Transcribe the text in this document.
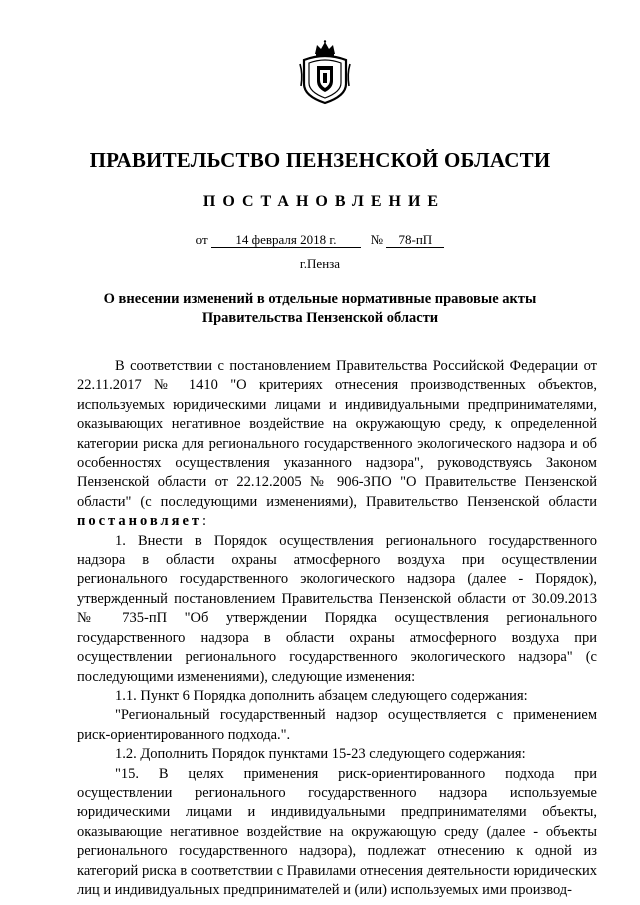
ПРАВИТЕЛЬСТВО ПЕНЗЕНСКОЙ ОБЛАСТИ
ПОСТАНОВЛЕНИЕ
от 14 февраля 2018 г.	№ 78-пП
г.Пенза
О внесении изменений в отдельные нормативные правовые акты
Правительства Пензенской области

В соответствии с постановлением Правительства Российской Федерации от 22.11.2017 № 1410 "О критериях отнесения производственных объектов, используемых юридическими лицами и индивидуальными предпринимателями, оказывающих негативное воздействие на окружающую среду, к определенной категории риска для регионального государственного экологического надзора и об особенностях осуществления указанного надзора", руководствуясь Законом Пензенской области от 22.12.2005 № 906-ЗПО "О Правительстве Пензенской области" (с последующими изменениями), Правительство Пензенской области постановляет:

1. Внести в Порядок осуществления регионального государственного надзора в области охраны атмосферного воздуха при осуществлении регионального государственного экологического надзора (далее - Порядок), утвержденный постановлением Правительства Пензенской области от 30.09.2013 № 735-пП "Об утверждении Порядка осуществления регионального государственного надзора в области охраны атмосферного воздуха при осуществлении регионального государственного экологического надзора" (с последующими изменениями), следующие изменения:

1.1. Пункт 6 Порядка дополнить абзацем следующего содержания:

"Региональный государственный надзор осуществляется с применением риск-ориентированного подхода.".

1.2. Дополнить Порядок пунктами 15-23 следующего содержания:

"15. В целях применения риск-ориентированного подхода при осуществлении регионального государственного надзора используемые юридическими лицами и индивидуальными предпринимателями объекты, оказывающие негативное воздействие на окружающую среду (далее - объекты регионального государственного надзора), подлежат отнесению к одной из категорий риска в соответствии с Правилами отнесения деятельности юридических лиц и индивидуальных предпринимателей и (или) используемых ими производ-
